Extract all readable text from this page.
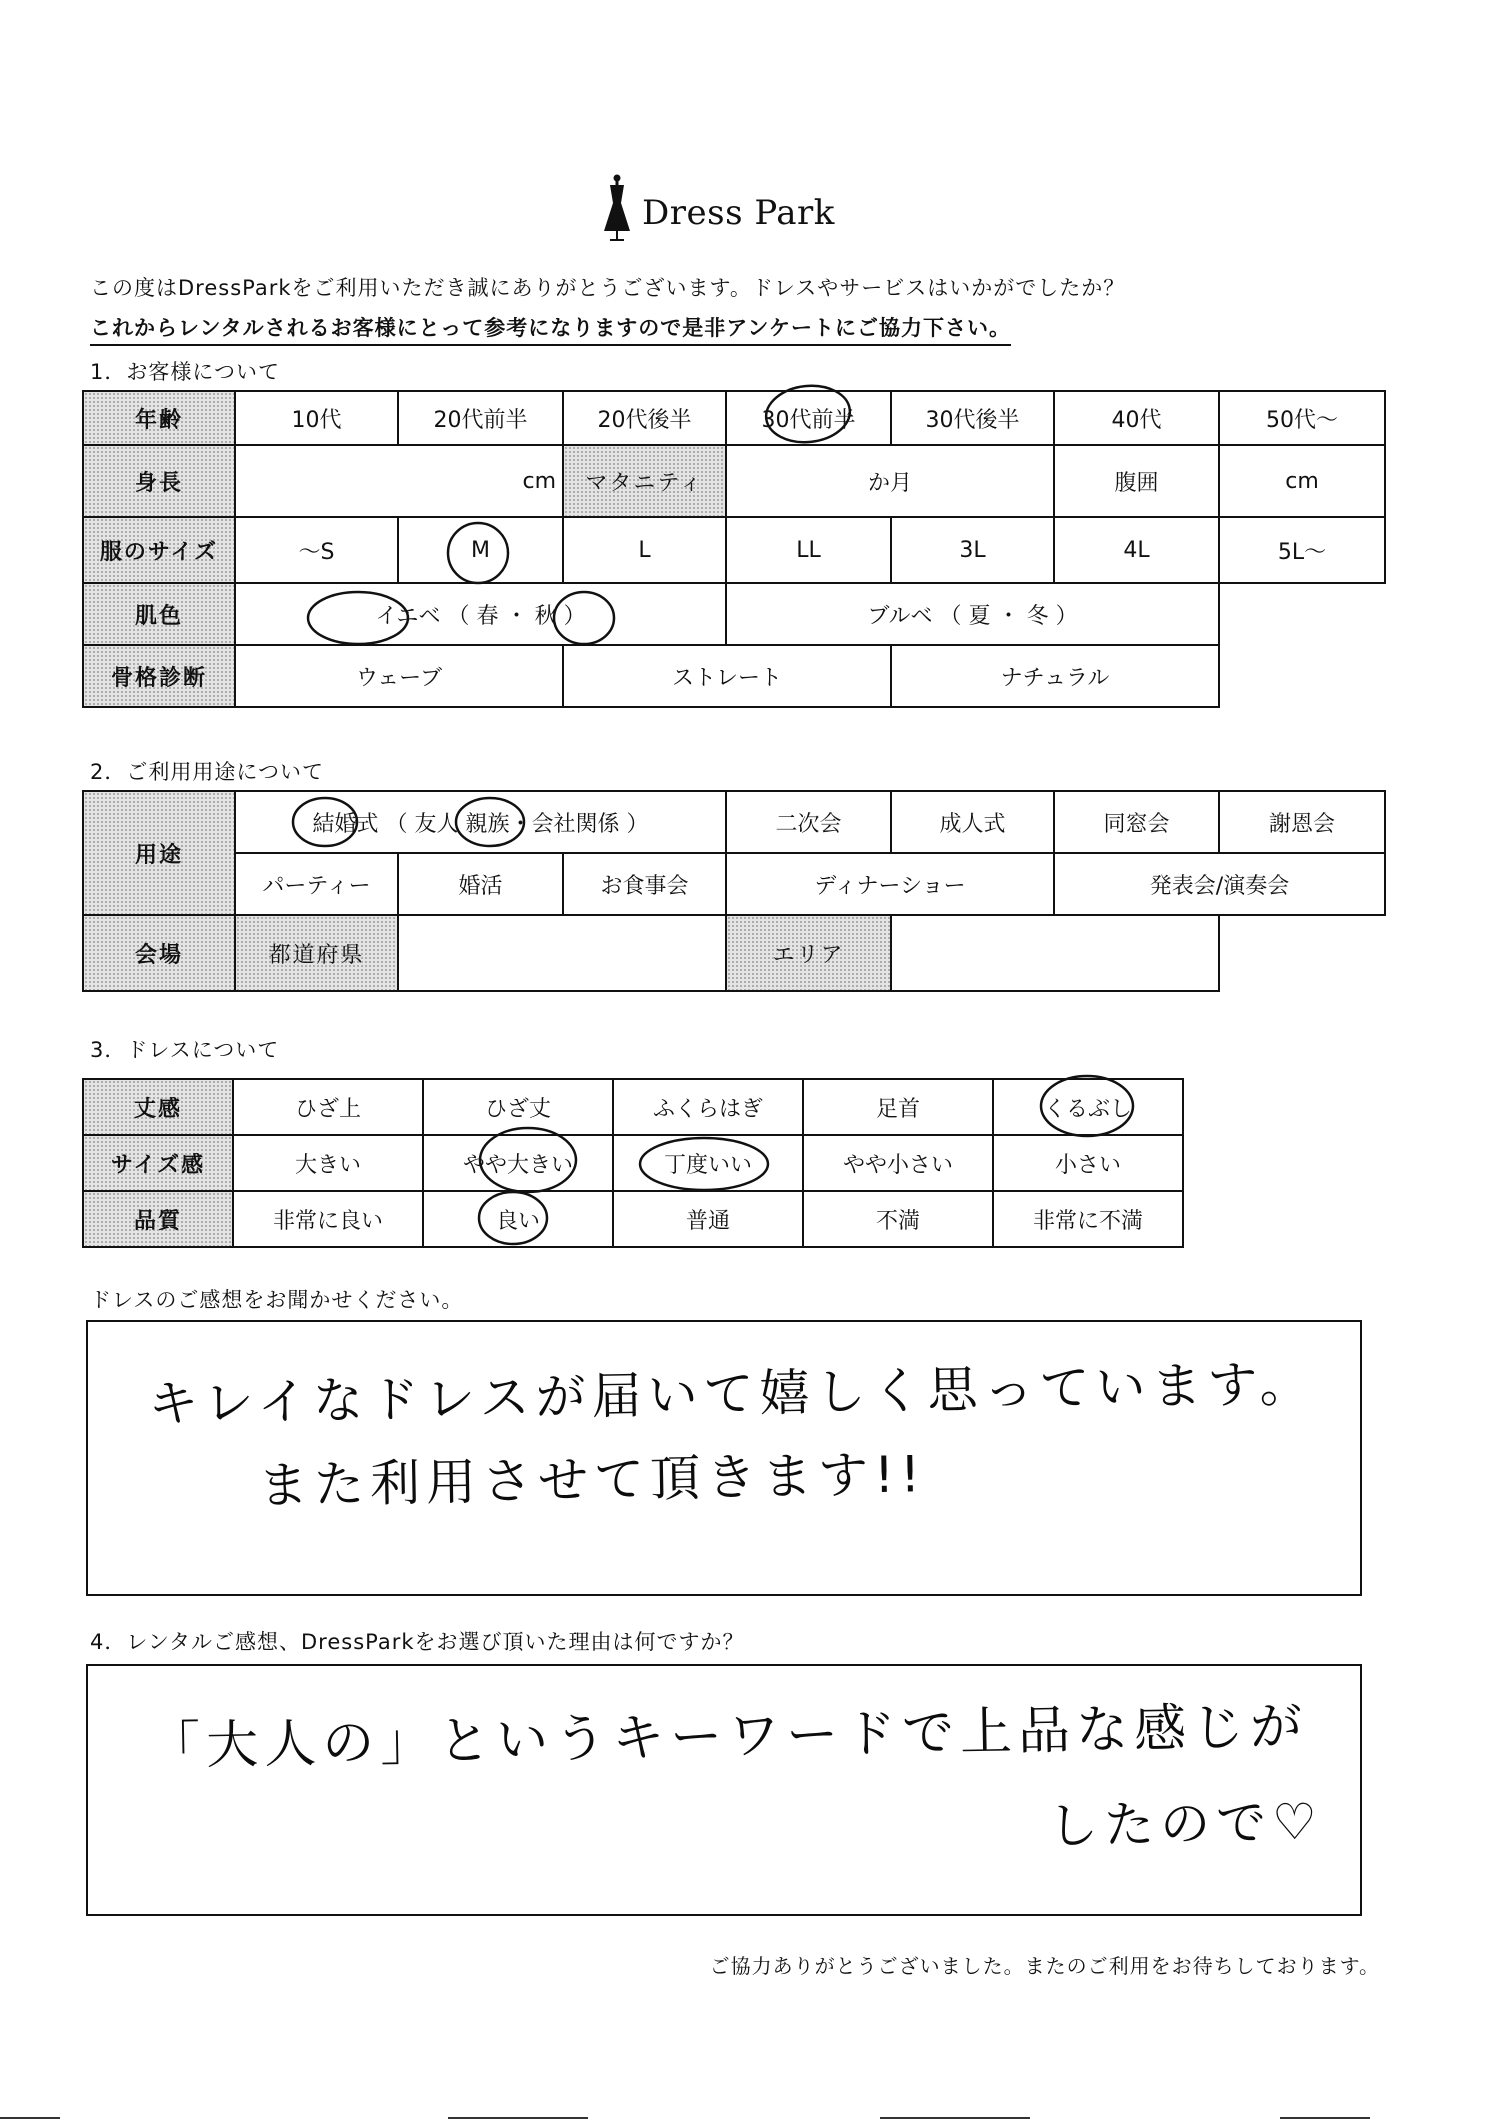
Dress Park
この度はDressParkをご利用いただき誠にありがとうございます。ドレスやサービスはいかがでしたか？
これからレンタルされるお客様にとって参考になりますので是非アンケートにご協力下さい。
1．お客様について
年齢	10代	20代前半	20代後半	30代前半	30代後半	40代	50代〜
身長	cm		マタニティ	か月		腹囲	cm
服のサイズ	〜S	M	L	LL	3L	4L	5L〜
肌色	イエベ （ 春 ・ 秋 ）			ブルベ （ 夏 ・ 冬 ）			
骨格診断	ウェーブ		ストレート		ナチュラル		
2．ご利用用途について
用途	結婚式 （ 友人 親族・会社関係 ）			二次会	成人式	同窓会	謝恩会
	パーティー	婚活	お食事会	ディナーショー		発表会/演奏会	
会場	都道府県			エリア			
3．ドレスについて
丈感	ひざ上	ひざ丈	ふくらはぎ	足首	くるぶし
サイズ感	大きい	やや大きい	丁度いい	やや小さい	小さい
品質	非常に良い	良い	普通	不満	非常に不満
ドレスのご感想をお聞かせください。
キレイなドレスが届いて嬉しく思っています。
また利用させて頂きます!!
4．レンタルご感想、DressParkをお選び頂いた理由は何ですか？
「大人の」というキーワードで上品な感じが
したので♡
ご協力ありがとうございました。またのご利用をお待ちしております。
